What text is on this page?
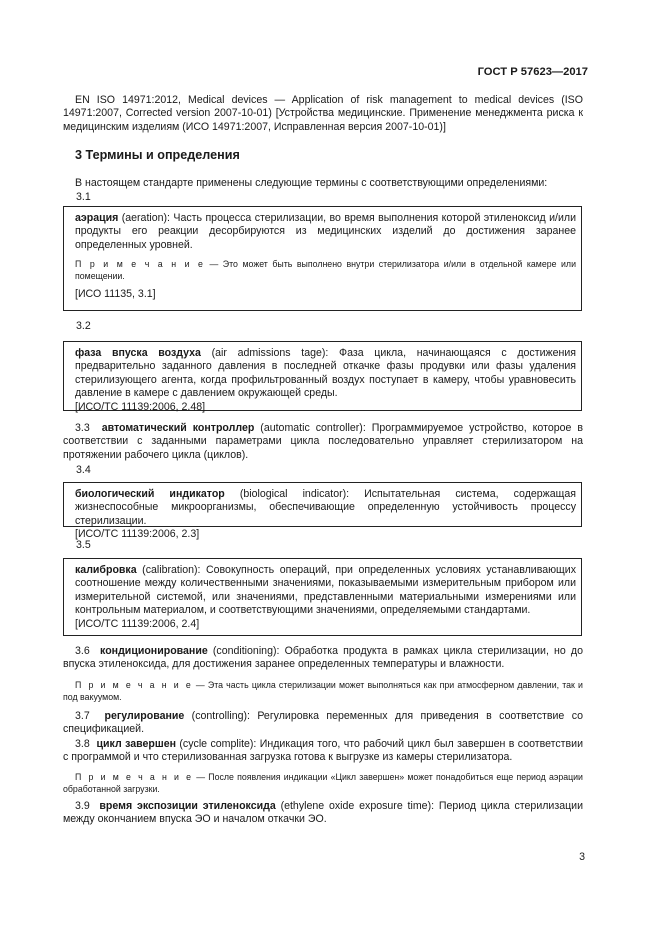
ГОСТ Р 57623—2017
EN ISO 14971:2012, Medical devices — Application of risk management to medical devices (ISO 14971:2007, Corrected version 2007-10-01) [Устройства медицинские. Применение менеджмента риска к медицинским изделиям (ИСО 14971:2007, Исправленная версия 2007-10-01)]
3 Термины и определения
В настоящем стандарте применены следующие термины с соответствующими определениями:
3.1
аэрация (aeration): Часть процесса стерилизации, во время выполнения которой этиленоксид и/или продукты его реакции десорбируются из медицинских изделий до достижения заранее определенных уровней.
П р и м е ч а н и е — Это может быть выполнено внутри стерилизатора и/или в отдельной камере или помещении.
[ИСО 11135, 3.1]
3.2
фаза впуска воздуха (air admissions tage): Фаза цикла, начинающаяся с достижения предварительно заданного давления в последней откачке фазы продувки или фазы удаления стерилизующего агента, когда профильтрованный воздух поступает в камеру, чтобы уравновесить давление в камере с давлением окружающей среды.
[ИСО/ТС 11139:2006, 2.48]
3.3 автоматический контроллер (automatic controller): Программируемое устройство, которое в соответствии с заданными параметрами цикла последовательно управляет стерилизатором на протяжении рабочего цикла (циклов).
3.4
биологический индикатор (biological indicator): Испытательная система, содержащая жизнеспособные микроорганизмы, обеспечивающие определенную устойчивость процессу стерилизации.
[ИСО/ТС 11139:2006, 2.3]
3.5
калибровка (calibration): Совокупность операций, при определенных условиях устанавливающих соотношение между количественными значениями, показываемыми измерительным прибором или измерительной системой, или значениями, представленными материальными измерениями или контрольным материалом, и соответствующими значениями, определяемыми стандартами.
[ИСО/ТС 11139:2006, 2.4]
3.6 кондиционирование (conditioning): Обработка продукта в рамках цикла стерилизации, но до впуска этиленоксида, для достижения заранее определенных температуры и влажности.
П р и м е ч а н и е — Эта часть цикла стерилизации может выполняться как при атмосферном давлении, так и под вакуумом.
3.7 регулирование (controlling): Регулировка переменных для приведения в соответствие со спецификацией.
3.8 цикл завершен (cycle complite): Индикация того, что рабочий цикл был завершен в соответствии с программой и что стерилизованная загрузка готова к выгрузке из камеры стерилизатора.
П р и м е ч а н и е — После появления индикации «Цикл завершен» может понадобиться еще период аэрации обработанной загрузки.
3.9 время экспозиции этиленоксида (ethylene oxide exposure time): Период цикла стерилизации между окончанием впуска ЭО и началом откачки ЭО.
3
